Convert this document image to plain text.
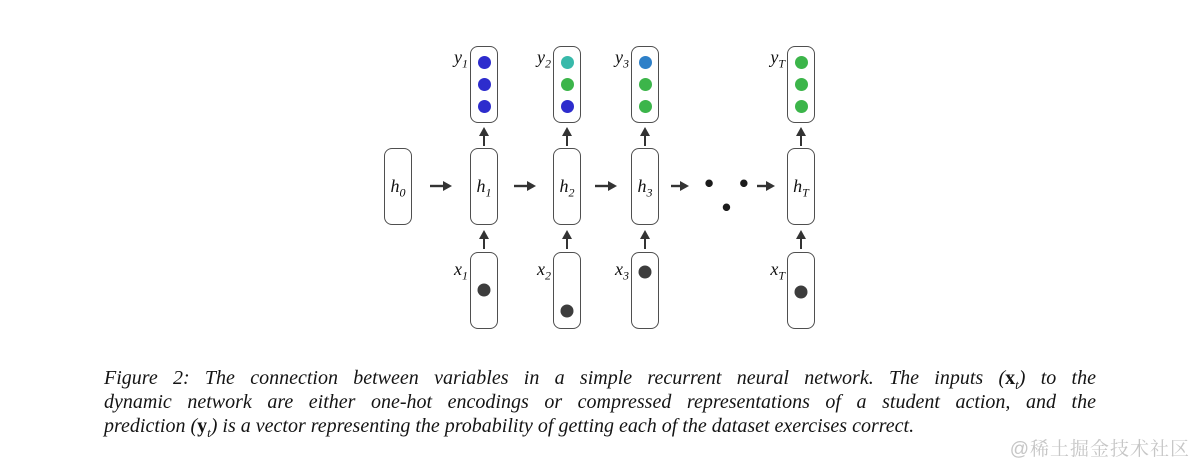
$y_1$	$y_2$	$y_3$	$y_T$
$h_0$	$h_1$	$h_2$	$h_3$	$h_T$
• • •
$x_1$	$x_2$	$x_3$	$x_T$
Figure 2: The connection between variables in a simple recurrent neural network. The inputs $(x_t)$ to the
dynamic network are either one-hot encodings or compressed representations of a student action, and the
prediction $(y_t)$ is a vector representing the probability of getting each of the dataset exercises correct.
@稀土掘金技术社区
